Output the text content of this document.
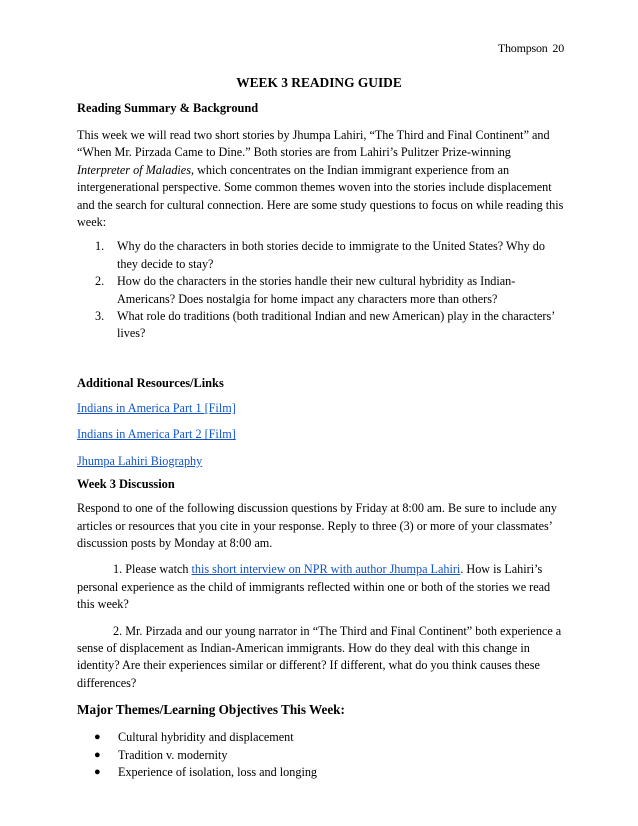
Thompson 20
WEEK 3 READING GUIDE
Reading Summary & Background

This week we will read two short stories by Jhumpa Lahiri, “The Third and Final Continent” and “When Mr. Pirzada Came to Dine.” Both stories are from Lahiri’s Pulitzer Prize-winning Interpreter of Maladies, which concentrates on the Indian immigrant experience from an intergenerational perspective. Some common themes woven into the stories include displacement and the search for cultural connection. Here are some study questions to focus on while reading this week:

1. Why do the characters in both stories decide to immigrate to the United States? Why do they decide to stay?
2. How do the characters in the stories handle their new cultural hybridity as Indian-Americans? Does nostalgia for home impact any characters more than others?
3. What role do traditions (both traditional Indian and new American) play in the characters’ lives?
Additional Resources/Links
Indians in America Part 1 [Film]
Indians in America Part 2 [Film]
Jhumpa Lahiri Biography
Week 3 Discussion

Respond to one of the following discussion questions by Friday at 8:00 am. Be sure to include any articles or resources that you cite in your response. Reply to three (3) or more of your classmates’ discussion posts by Monday at 8:00 am.

1. Please watch this short interview on NPR with author Jhumpa Lahiri. How is Lahiri’s personal experience as the child of immigrants reflected within one or both of the stories we read this week?

2. Mr. Pirzada and our young narrator in “The Third and Final Continent” both experience a sense of displacement as Indian-American immigrants. How do they deal with this change in identity? Are their experiences similar or different? If different, what do you think causes these differences?

Major Themes/Learning Objectives This Week:
● Cultural hybridity and displacement
● Tradition v. modernity
● Experience of isolation, loss and longing
